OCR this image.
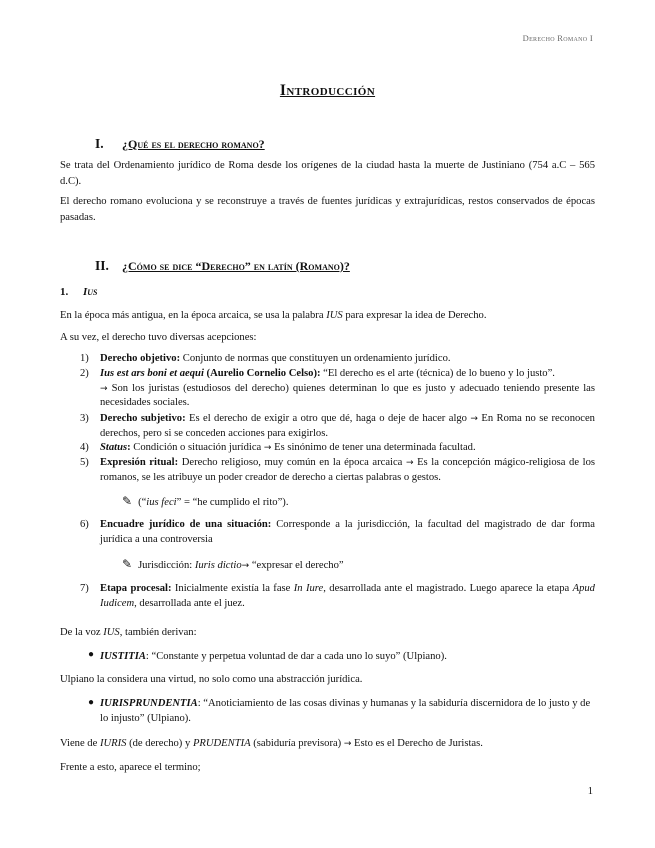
Derecho Romano I
Introducción
I. ¿Qué es el derecho romano?
Se trata del Ordenamiento jurídico de Roma desde los orígenes de la ciudad hasta la muerte de Justiniano (754 a.C – 565 d.C).
El derecho romano evoluciona y se reconstruye a través de fuentes jurídicas y extrajurídicas, restos conservados de épocas pasadas.
II. ¿Cómo se dice “Derecho” en latín (Romano)?
1. Ius
En la época más antigua, en la época arcaica, se usa la palabra IUS para expresar la idea de Derecho.
A su vez, el derecho tuvo diversas acepciones:
1) Derecho objetivo: Conjunto de normas que constituyen un ordenamiento jurídico.
2) Ius est ars boni et aequi (Aurelio Cornelio Celso): “El derecho es el arte (técnica) de lo bueno y lo justo”.
→ Son los juristas (estudiosos del derecho) quienes determinan lo que es justo y adecuado teniendo presente las necesidades sociales.
3) Derecho subjetivo: Es el derecho de exigir a otro que dé, haga o deje de hacer algo → En Roma no se reconocen derechos, pero si se conceden acciones para exigirlos.
4) Status: Condición o situación jurídica → Es sinónimo de tener una determinada facultad.
5) Expresión ritual: Derecho religioso, muy común en la época arcaica → Es la concepción mágico-religiosa de los romanos, se les atribuye un poder creador de derecho a ciertas palabras o gestos.
✎ (“ius feci” = “he cumplido el rito”).
6) Encuadre jurídico de una situación: Corresponde a la jurisdicción, la facultad del magistrado de dar forma jurídica a una controversia
✎ Jurisdicción: Iuris dictio→ “expresar el derecho”
7) Etapa procesal: Inicialmente existía la fase In Iure, desarrollada ante el magistrado. Luego aparece la etapa Apud Iudicem, desarrollada ante el juez.
De la voz IUS, también derivan:
● IUSTITIA: “Constante y perpetua voluntad de dar a cada uno lo suyo” (Ulpiano).
Ulpiano la considera una virtud, no solo como una abstracción jurídica.
● IURISPRUNDENTIA: “Anoticiamiento de las cosas divinas y humanas y la sabiduría discernidora de lo justo y de lo injusto” (Ulpiano).
Viene de IURIS (de derecho) y PRUDENTIA (sabiduría previsora) → Esto es el Derecho de Juristas.
Frente a esto, aparece el termino;
1
